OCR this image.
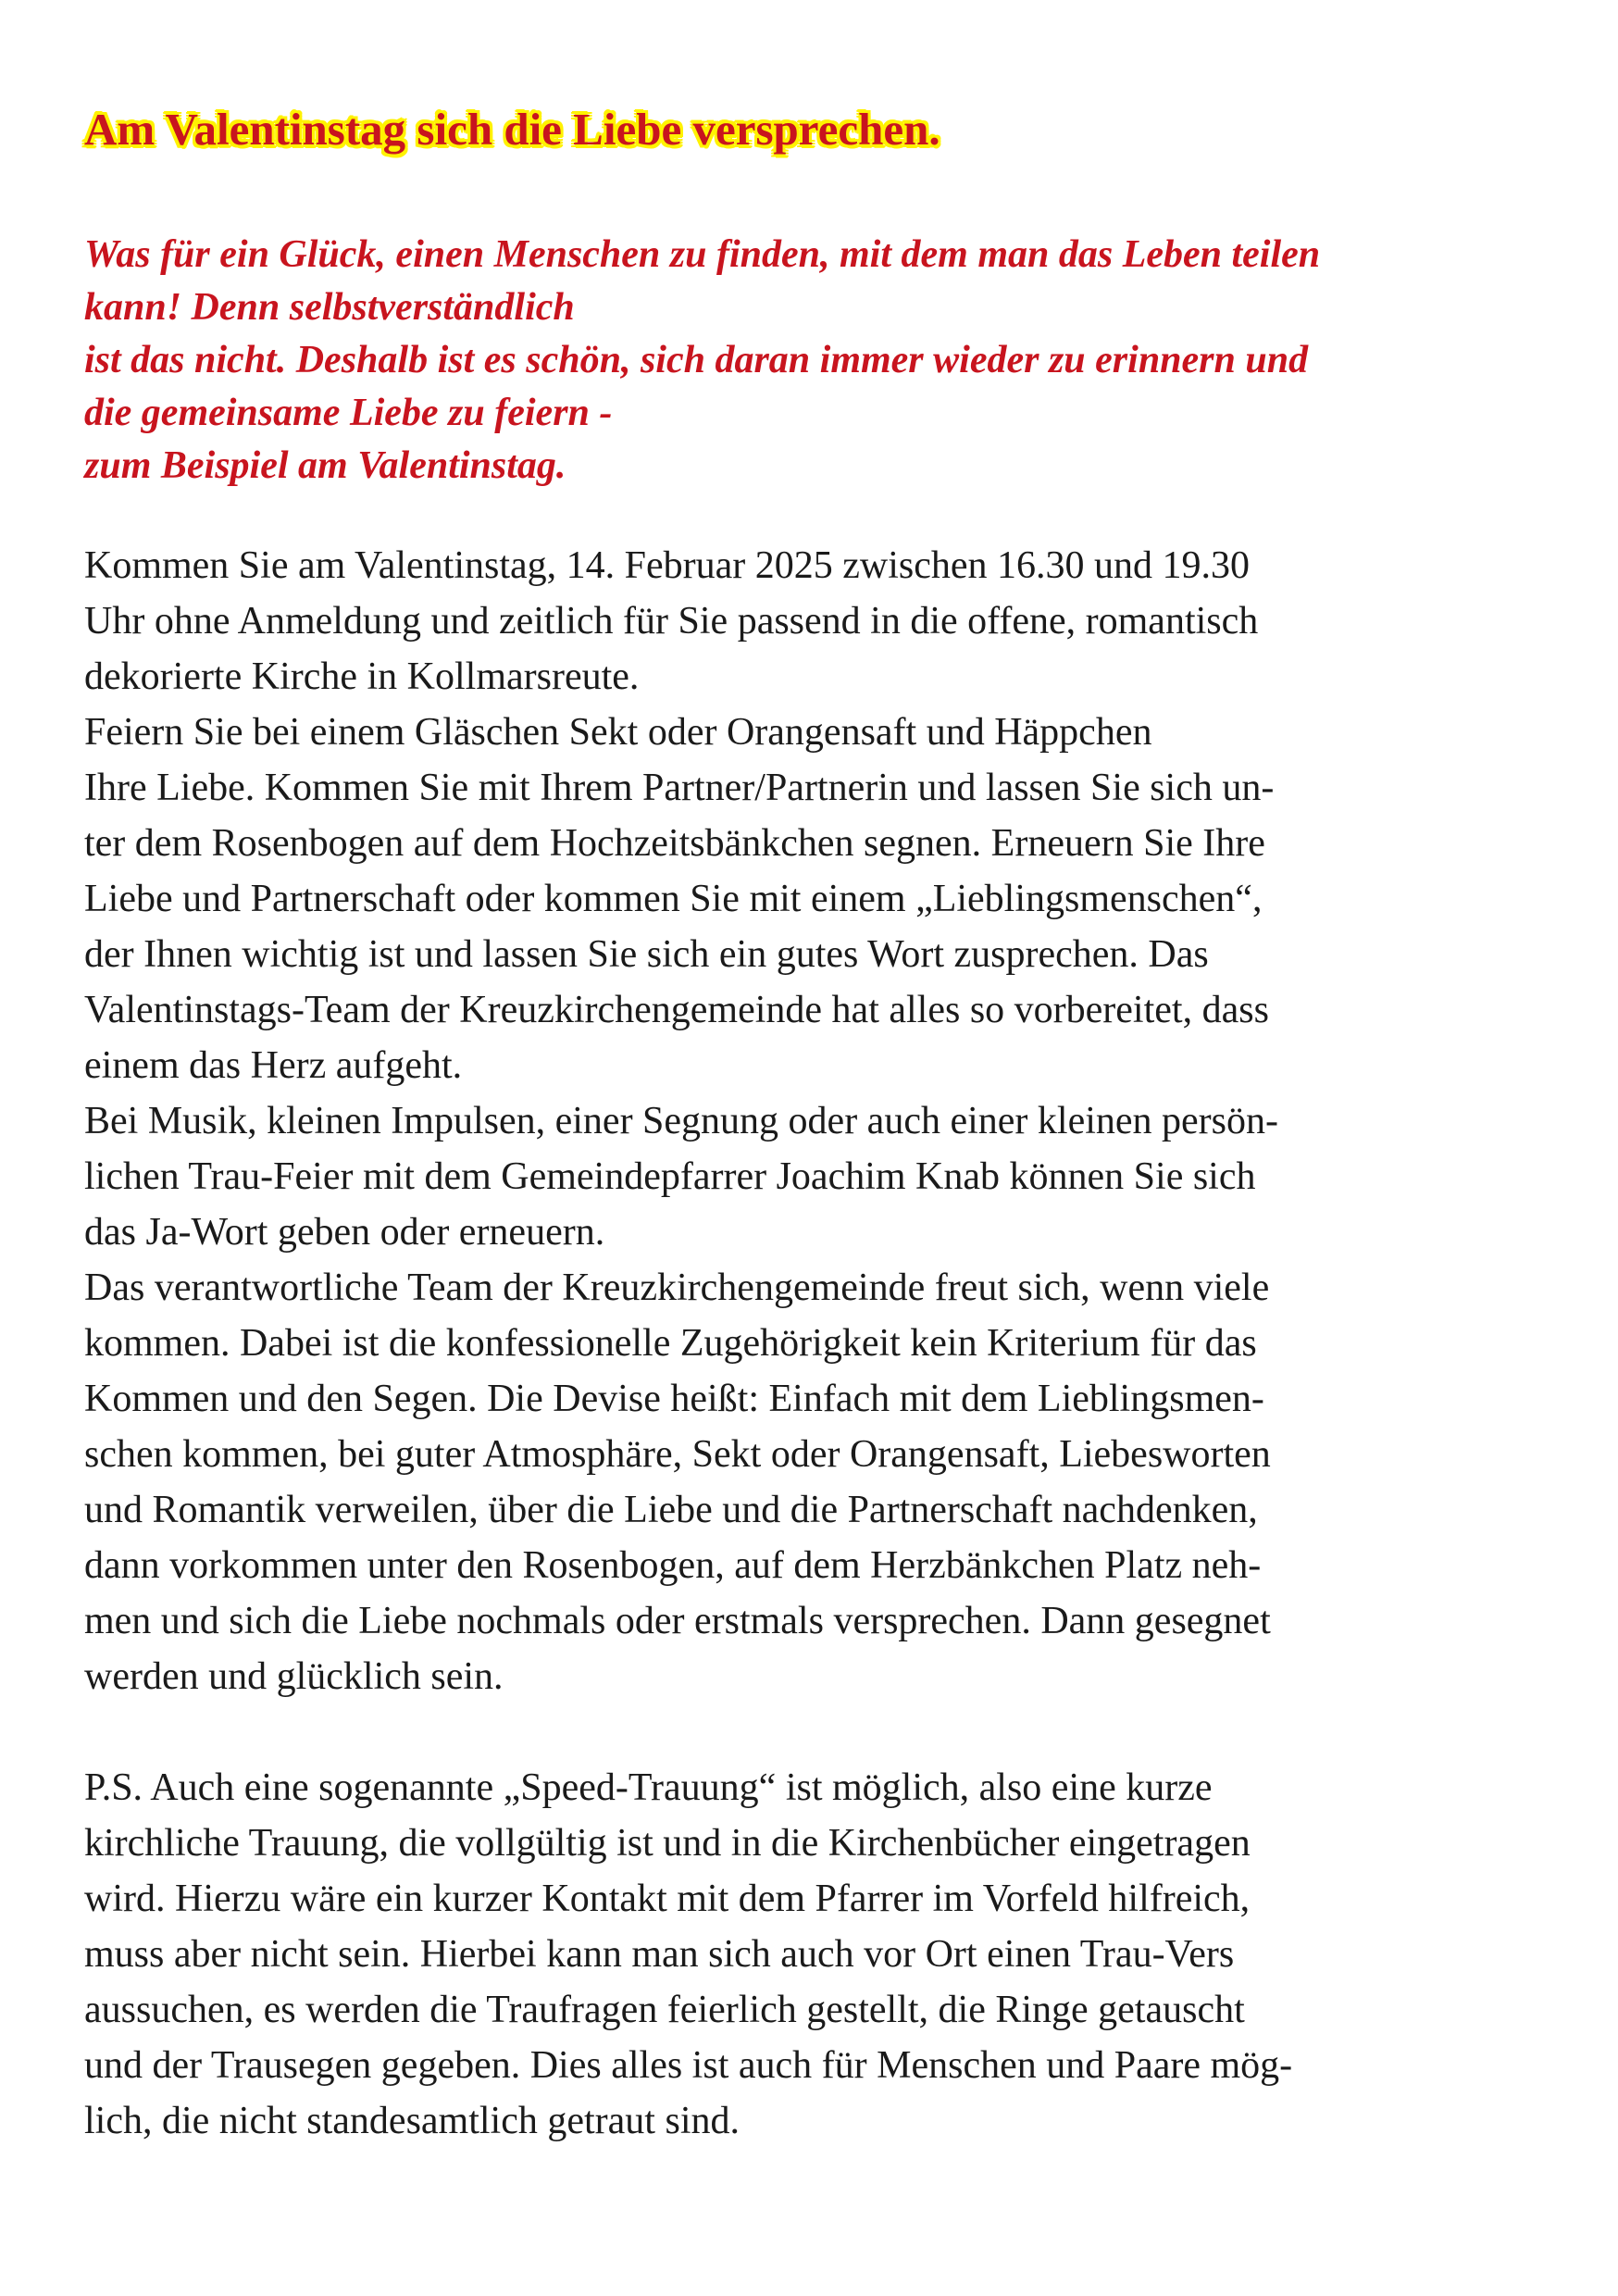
Am Valentinstag sich die Liebe versprechen.
Was für ein Glück, einen Menschen zu finden, mit dem man das Leben teilen
kann! Denn selbstverständlich
ist das nicht. Deshalb ist es schön, sich daran immer wieder zu erinnern und
die gemeinsame Liebe zu feiern -
zum Beispiel am Valentinstag.
Kommen Sie am Valentinstag, 14. Februar 2025 zwischen 16.30 und 19.30
Uhr ohne Anmeldung und zeitlich für Sie passend in die offene, romantisch
dekorierte Kirche in Kollmarsreute.
Feiern Sie bei einem Gläschen Sekt oder Orangensaft und Häppchen
Ihre Liebe. Kommen Sie mit Ihrem Partner/Partnerin und lassen Sie sich un-
ter dem Rosenbogen auf dem Hochzeitsbänkchen segnen. Erneuern Sie Ihre
Liebe und Partnerschaft oder kommen Sie mit einem „Lieblingsmenschen“,
der Ihnen wichtig ist und lassen Sie sich ein gutes Wort zusprechen. Das
Valentinstags-Team der Kreuzkirchengemeinde hat alles so vorbereitet, dass
einem das Herz aufgeht.
Bei Musik, kleinen Impulsen, einer Segnung oder auch einer kleinen persön-
lichen Trau-Feier mit dem Gemeindepfarrer Joachim Knab können Sie sich
das Ja-Wort geben oder erneuern.
Das verantwortliche Team der Kreuzkirchengemeinde freut sich, wenn viele
kommen. Dabei ist die konfessionelle Zugehörigkeit kein Kriterium für das
Kommen und den Segen. Die Devise heißt: Einfach mit dem Lieblingsmen-
schen kommen, bei guter Atmosphäre, Sekt oder Orangensaft, Liebesworten
und Romantik verweilen, über die Liebe und die Partnerschaft nachdenken,
dann vorkommen unter den Rosenbogen, auf dem Herzbänkchen Platz neh-
men und sich die Liebe nochmals oder erstmals versprechen. Dann gesegnet
werden und glücklich sein.
P.S. Auch eine sogenannte „Speed-Trauung“ ist möglich, also eine kurze
kirchliche Trauung, die vollgültig ist und in die Kirchenbücher eingetragen
wird. Hierzu wäre ein kurzer Kontakt mit dem Pfarrer im Vorfeld hilfreich,
muss aber nicht sein. Hierbei kann man sich auch vor Ort einen Trau-Vers
aussuchen, es werden die Traufragen feierlich gestellt, die Ringe getauscht
und der Trausegen gegeben. Dies alles ist auch für Menschen und Paare mög-
lich, die nicht standesamtlich getraut sind.
